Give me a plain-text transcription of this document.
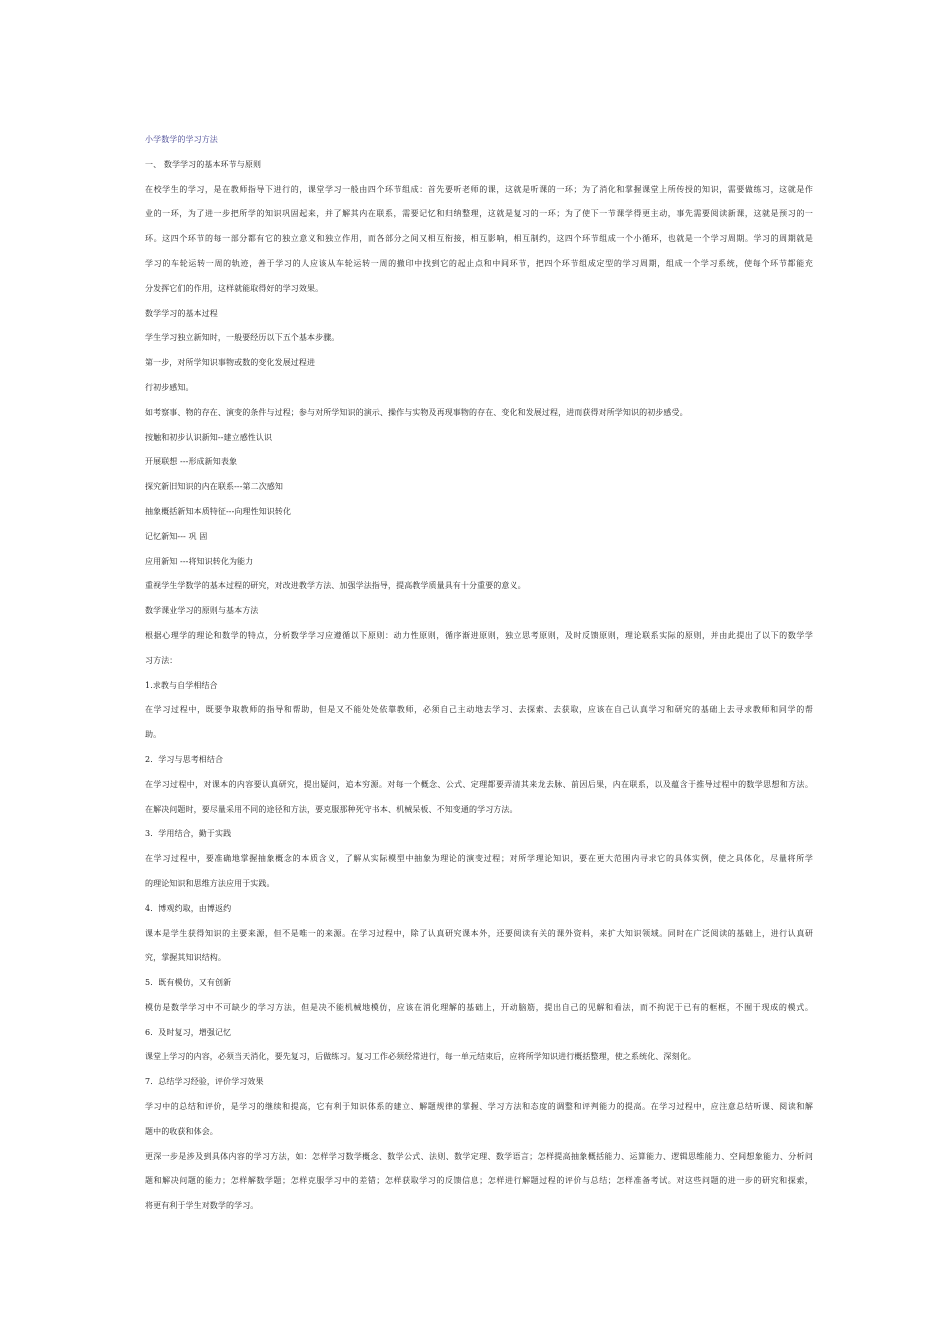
小学数学的学习方法
一、 数学学习的基本环节与原则
在校学生的学习，是在教师指导下进行的，课堂学习一般由四个环节组成：首先要听老师的课，这就是听课的一环；为了消化和掌握课堂上所传授的知识，需要做练习，这就是作
业的一环，为了进一步把所学的知识巩固起来，并了解其内在联系，需要记忆和归纳整理，这就是复习的一环；为了使下一节课学得更主动，事先需要阅读新课，这就是预习的一
环。这四个环节的每一部分都有它的独立意义和独立作用，而各部分之间又相互衔接，相互影响，相互制约，这四个环节组成一个小循环，也就是一个学习周期。学习的周期就是
学习的车轮运转一周的轨迹，善于学习的人应该从车轮运转一周的撤印中找到它的起止点和中间环节，把四个环节组成定型的学习周期，组成一个学习系统，使每个环节都能充
分发挥它们的作用，这样就能取得好的学习效果。
数学学习的基本过程
学生学习独立新知时，一般要经历以下五个基本步骤。
第一步，对所学知识事物或数的变化发展过程进
行初步感知。
如考察事、物的存在、演变的条件与过程；参与对所学知识的演示、操作与实物及再现事物的存在、变化和发展过程，进而获得对所学知识的初步感受。
按触和初步认识新知--建立感性认识
开展联想 ---形成新知表象
探究新旧知识的内在联系---第二次感知
抽象概括新知本质特征---向理性知识转化
记忆新知--- 巩 固
应用新知 ---将知识转化为能力
重视学生学数学的基本过程的研究，对改进教学方法、加强学法指导，提高教学质量具有十分重要的意义。
数学课业学习的原则与基本方法
根据心理学的理论和数学的特点，分析数学学习应遵循以下原则：动力性原则，循序渐进原则，独立思考原则，及时反馈原则，理论联系实际的原则，并由此提出了以下的数学学
习方法：
1.求教与自学相结合
在学习过程中，既要争取教师的指导和帮助，但是又不能处处依靠教师，必须自己主动地去学习、去探索、去获取，应该在自己认真学习和研究的基础上去寻求教师和同学的帮
助。
2．学习与思考相结合
在学习过程中，对课本的内容要认真研究，提出疑问，追本穷源。对每一个概念、公式、定理都要弄清其来龙去脉、前因后果，内在联系，以及蕴含于推导过程中的数学思想和方法。
在解决问题时，要尽量采用不同的途径和方法，要克服那种死守书本、机械呆板、不知变通的学习方法。
3．学用结合，勤于实践
在学习过程中，要准确地掌握抽象概念的本质含义，了解从实际模型中抽象为理论的演变过程；对所学理论知识，要在更大范围内寻求它的具体实例，使之具体化，尽量将所学
的理论知识和思维方法应用于实践。
4．博观约取，由博返约
课本是学生获得知识的主要来源，但不是唯一的来源。在学习过程中，除了认真研究课本外，还要阅读有关的课外资料，来扩大知识领域。同时在广泛阅读的基础上，进行认真研
究，掌握其知识结构。
5．既有模仿，又有创新
模仿是数学学习中不可缺少的学习方法，但是决不能机械地模仿，应该在消化理解的基础上，开动脑筋，提出自己的见解和看法，而不拘泥于已有的框框，不囿于现成的模式。
6．及时复习，增强记忆
课堂上学习的内容，必须当天消化，要先复习，后做练习。复习工作必须经常进行，每一单元结束后，应将所学知识进行概括整理，使之系统化、深刻化。
7．总结学习经验，评价学习效果
学习中的总结和评价，是学习的继续和提高，它有利于知识体系的建立、解题规律的掌握、学习方法和态度的调整和评判能力的提高。在学习过程中，应注意总结听课、阅读和解
题中的收获和体会。
更深一步是涉及到具体内容的学习方法，如：怎样学习数学概念、数学公式、法则、数学定理、数学语言；怎样提高抽象概括能力、运算能力、逻辑思维能力、空间想象能力、分析问
题和解决问题的能力；怎样解数学题；怎样克服学习中的差错；怎样获取学习的反馈信息；怎样进行解题过程的评价与总结；怎样准备考试。对这些问题的进一步的研究和探索，
将更有利于学生对数学的学习。
